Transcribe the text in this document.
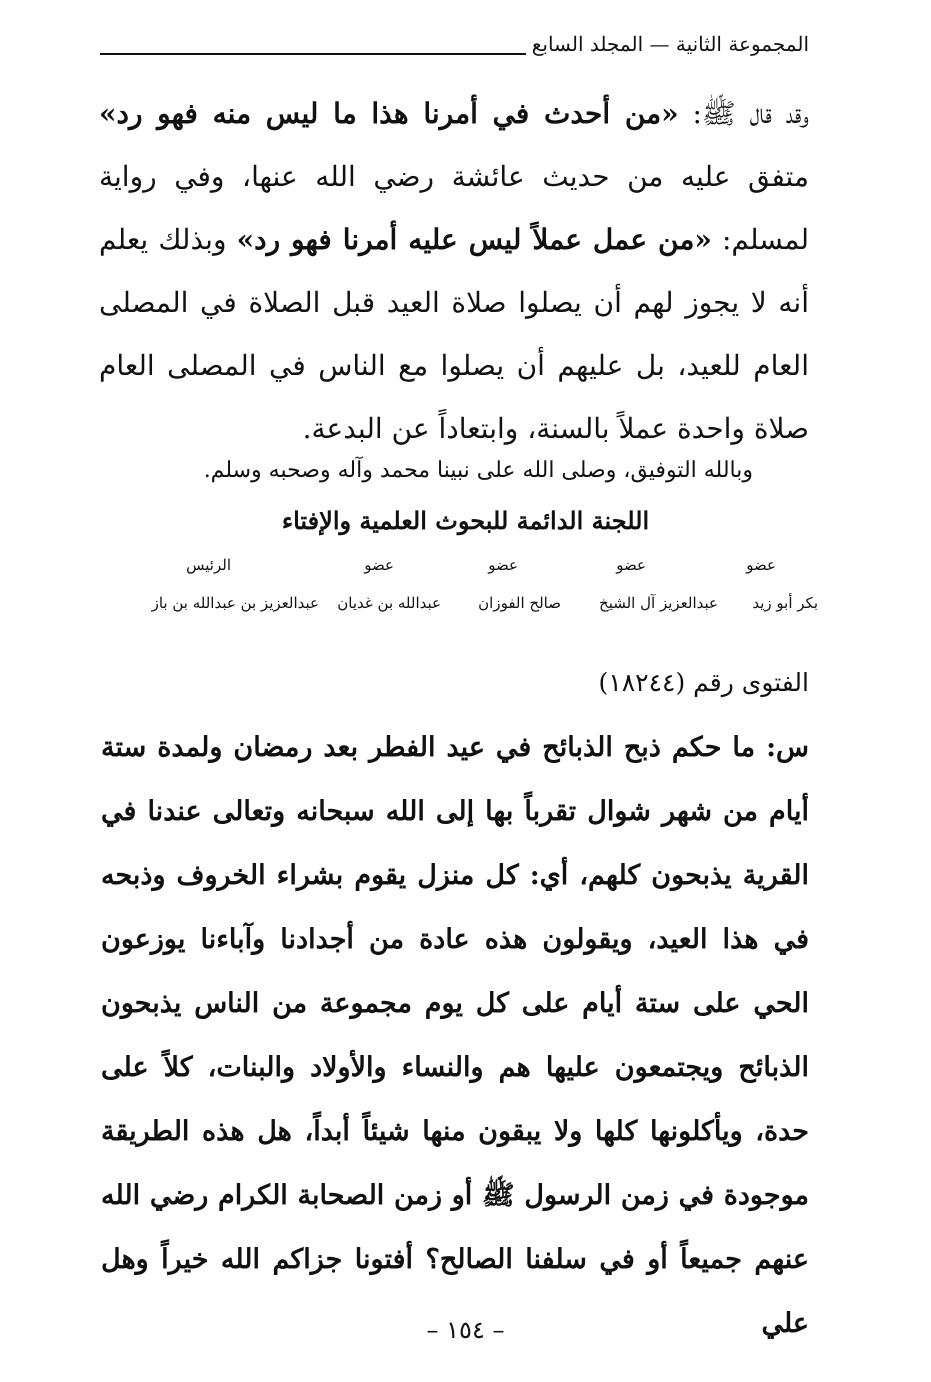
المجموعة الثانية — المجلد السابع

وقد قال ﷺ: «من أحدث في أمرنا هذا ما ليس منه فهو رد» متفق عليه من حديث عائشة رضي الله عنها، وفي رواية لمسلم: «من عمل عملاً ليس عليه أمرنا فهو رد» وبذلك يعلم أنه لا يجوز لهم أن يصلوا صلاة العيد قبل الصلاة في المصلى العام للعيد، بل عليهم أن يصلوا مع الناس في المصلى العام صلاة واحدة عملاً بالسنة، وابتعاداً عن البدعة.

وبالله التوفيق، وصلى الله على نبينا محمد وآله وصحبه وسلم.

اللجنة الدائمة للبحوث العلمية والإفتاء

عضو
بكر أبو زيد
عضو
عبدالعزيز آل الشيخ
عضو
صالح الفوزان
عضو
عبدالله بن غديان
الرئيس
عبدالعزيز بن عبدالله بن باز

الفتوى رقم (١٨٢٤٤)

س: ما حكم ذبح الذبائح في عيد الفطر بعد رمضان ولمدة ستة أيام من شهر شوال تقرباً بها إلى الله سبحانه وتعالى عندنا في القرية يذبحون كلهم، أي: كل منزل يقوم بشراء الخروف وذبحه في هذا العيد، ويقولون هذه عادة من أجدادنا وآباءنا يوزعون الحي على ستة أيام على كل يوم مجموعة من الناس يذبحون الذبائح ويجتمعون عليها هم والنساء والأولاد والبنات، كلاً على حدة، ويأكلونها كلها ولا يبقون منها شيئاً أبداً، هل هذه الطريقة موجودة في زمن الرسول ﷺ أو زمن الصحابة الكرام رضي الله عنهم جميعاً أو في سلفنا الصالح؟ أفتونا جزاكم الله خيراً وهل علي

– ١٥٤ –
